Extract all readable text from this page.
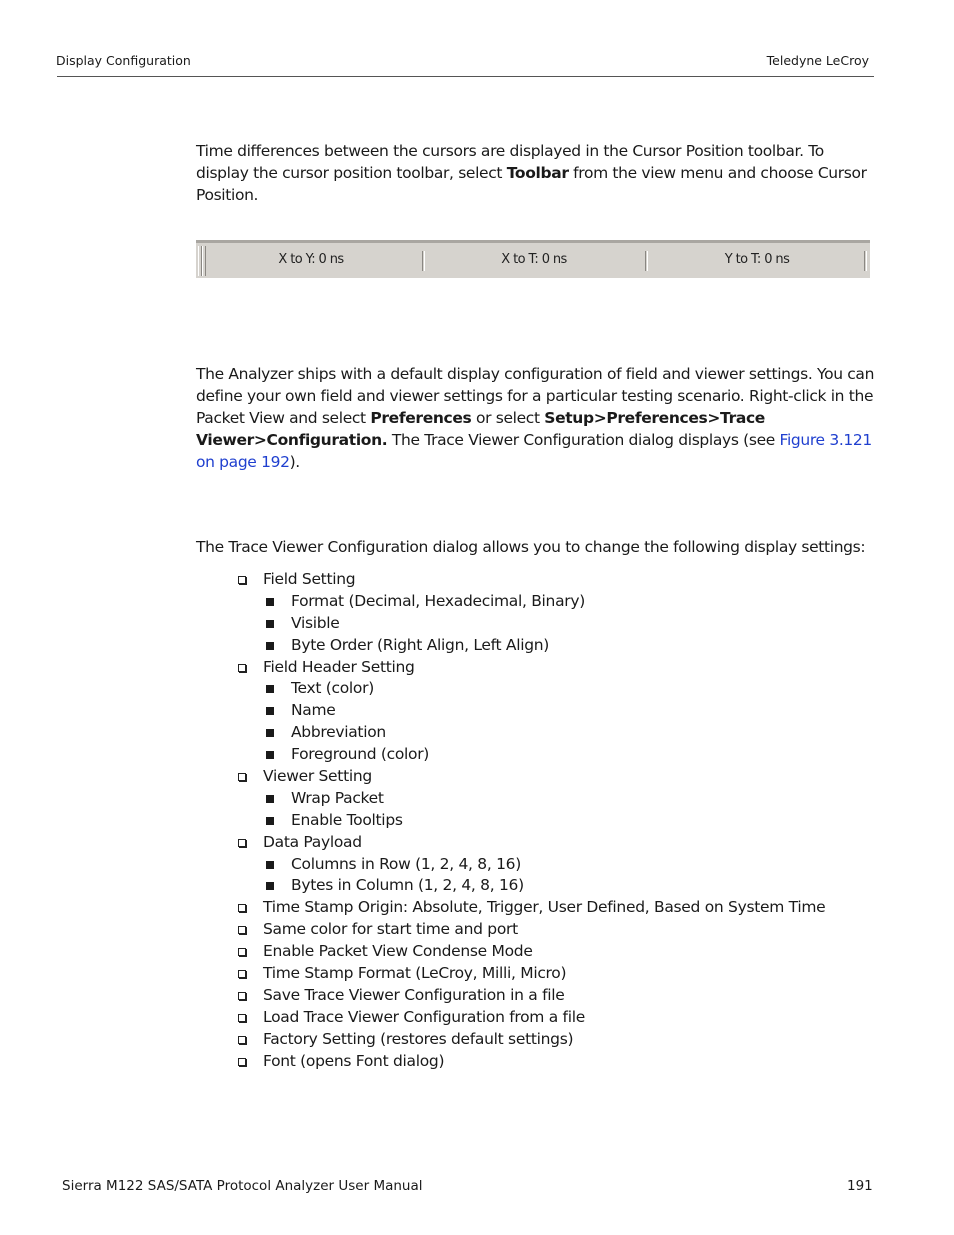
Display Configuration	Teledyne LeCroy
Time differences between the cursors are displayed in the Cursor Position toolbar. To display the cursor position toolbar, select Toolbar from the view menu and choose Cursor Position.
X to Y: 0 ns	X to T: 0 ns	Y to T: 0 ns
The Analyzer ships with a default display configuration of field and viewer settings. You can define your own field and viewer settings for a particular testing scenario. Right-click in the Packet View and select Preferences or select Setup>Preferences>Trace Viewer>Configuration. The Trace Viewer Configuration dialog displays (see Figure 3.121 on page 192).
The Trace Viewer Configuration dialog allows you to change the following display settings:
Field Setting
Format (Decimal, Hexadecimal, Binary)
Visible
Byte Order (Right Align, Left Align)
Field Header Setting
Text (color)
Name
Abbreviation
Foreground (color)
Viewer Setting
Wrap Packet
Enable Tooltips
Data Payload
Columns in Row (1, 2, 4, 8, 16)
Bytes in Column (1, 2, 4, 8, 16)
Time Stamp Origin: Absolute, Trigger, User Defined, Based on System Time
Same color for start time and port
Enable Packet View Condense Mode
Time Stamp Format (LeCroy, Milli, Micro)
Save Trace Viewer Configuration in a file
Load Trace Viewer Configuration from a file
Factory Setting (restores default settings)
Font (opens Font dialog)
Sierra M122 SAS/SATA Protocol Analyzer User Manual	191
